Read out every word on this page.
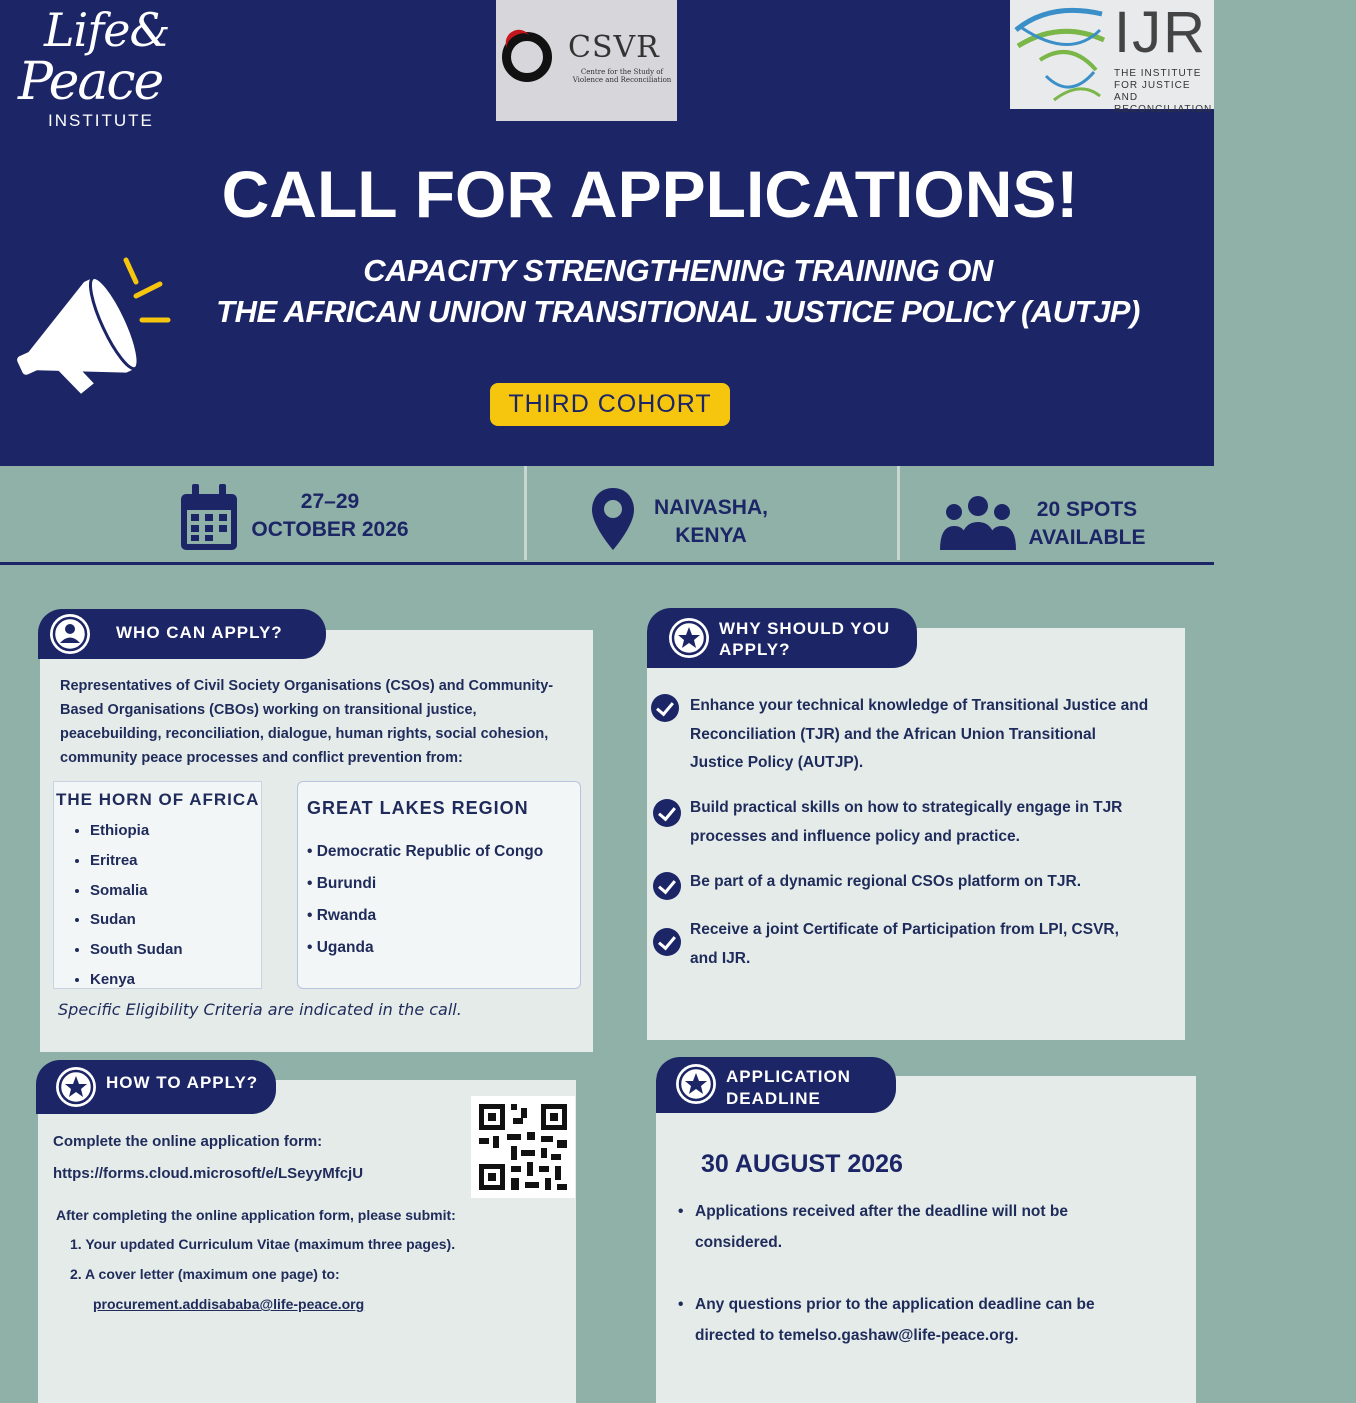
Life&
Peace
INSTITUTE
CSVR
Centre for the Study of Violence and Reconciliation
IJR
THE INSTITUTE
FOR JUSTICE AND
RECONCILIATION
CALL FOR APPLICATIONS!
CAPACITY STRENGTHENING TRAINING ON
THE AFRICAN UNION TRANSITIONAL JUSTICE POLICY (AUTJP)
THIRD COHORT
27–29
OCTOBER 2026
NAIVASHA,
KENYA
20 SPOTS
AVAILABLE
WHO CAN APPLY?
Representatives of Civil Society Organisations (CSOs) and Community-Based Organisations (CBOs) working on transitional justice, peacebuilding, reconciliation, dialogue, human rights, social cohesion, community peace processes and conflict prevention from:
THE HORN OF AFRICA
• Ethiopia
• Eritrea
• Somalia
• Sudan
• South Sudan
• Kenya
GREAT LAKES REGION
• Democratic Republic of Congo
• Burundi
• Rwanda
• Uganda
Specific Eligibility Criteria are indicated in the call.
WHY SHOULD YOU
APPLY?
Enhance your technical knowledge of Transitional Justice and Reconciliation (TJR) and the African Union Transitional Justice Policy (AUTJP).
Build practical skills on how to strategically engage in TJR processes and influence policy and practice.
Be part of a dynamic regional CSOs platform on TJR.
Receive a joint Certificate of Participation from LPI, CSVR, and IJR.
HOW TO APPLY?
Complete the online application form:
https://forms.cloud.microsoft/e/LSeyyMfcjU
After completing the online application form, please submit:
1. Your updated Curriculum Vitae (maximum three pages).
2. A cover letter (maximum one page) to:
procurement.addisababa@life-peace.org
APPLICATION
DEADLINE
30 AUGUST 2026
• Applications received after the deadline will not be considered.
• Any questions prior to the application deadline can be directed to temelso.gashaw@life-peace.org.
